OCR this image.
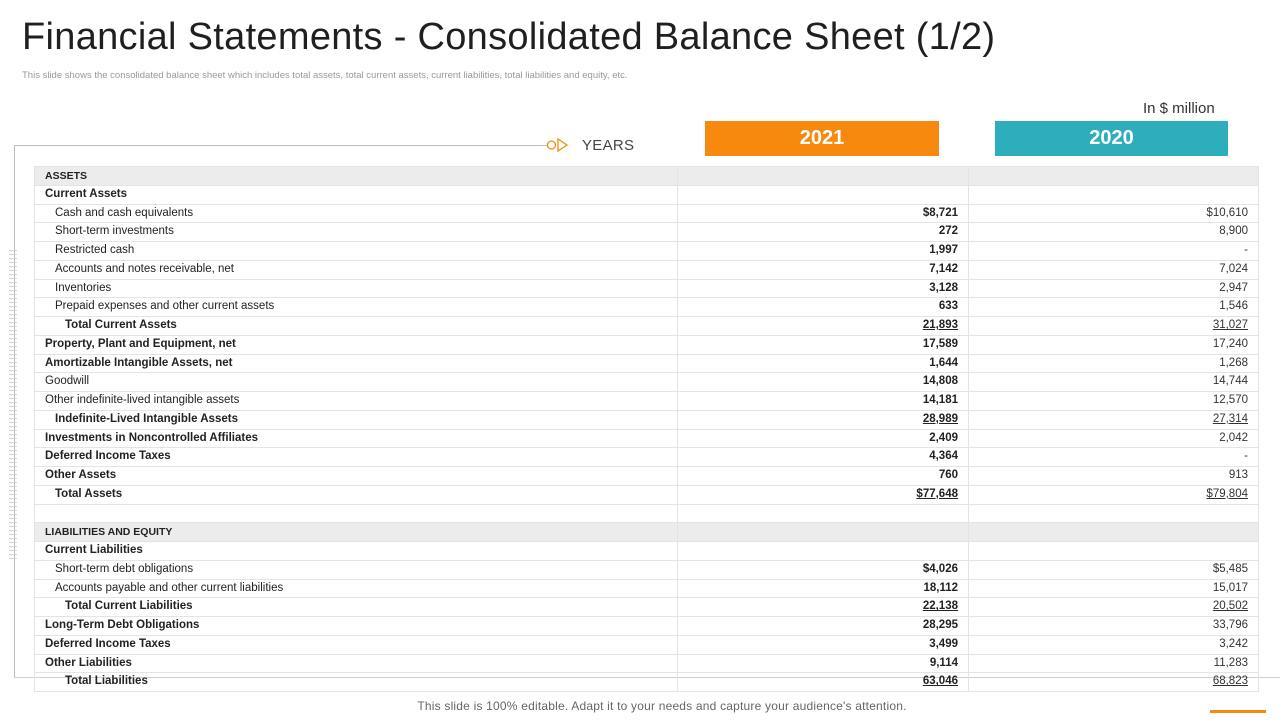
Financial Statements - Consolidated Balance Sheet (1/2)
This slide shows the consolidated balance sheet which includes total assets, total current assets, current liabilities, total liabilities and equity, etc.
In $ million
YEARS	2021	2020
ASSETS		
Current Assets		
Cash and cash equivalents	$8,721	$10,610
Short-term investments	272	8,900
Restricted cash	1,997	-
Accounts and notes receivable, net	7,142	7,024
Inventories	3,128	2,947
Prepaid expenses and other current assets	633	1,546
Total Current Assets	21,893	31,027
Property, Plant and Equipment, net	17,589	17,240
Amortizable Intangible Assets, net	1,644	1,268
Goodwill	14,808	14,744
Other indefinite-lived intangible assets	14,181	12,570
Indefinite-Lived Intangible Assets	28,989	27,314
Investments in Noncontrolled Affiliates	2,409	2,042
Deferred Income Taxes	4,364	-
Other Assets	760	913
Total Assets	$77,648	$79,804

LIABILITIES AND EQUITY		
Current Liabilities		
Short-term debt obligations	$4,026	$5,485
Accounts payable and other current liabilities	18,112	15,017
Total Current Liabilities	22,138	20,502
Long-Term Debt Obligations	28,295	33,796
Deferred Income Taxes	3,499	3,242
Other Liabilities	9,114	11,283
Total Liabilities	63,046	68,823
This slide is 100% editable. Adapt it to your needs and capture your audience's attention.
